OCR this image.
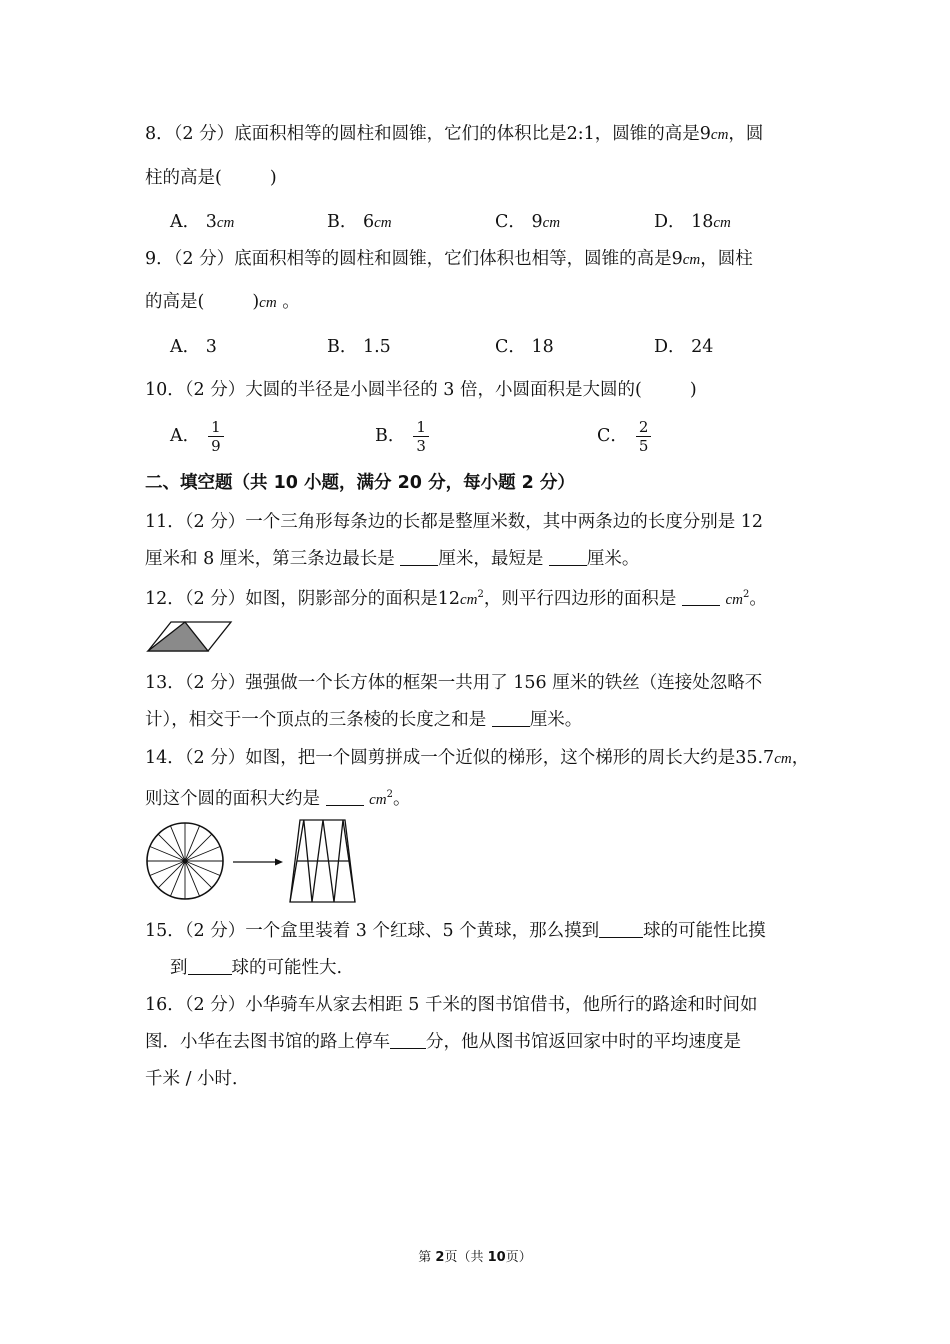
8．（2 分）底面积相等的圆柱和圆锥，它们的体积比是2:1，圆锥的高是9cm，圆
柱的高是(	)
A． 3cm	B． 6cm	C． 9cm	D． 18cm
9．（2 分）底面积相等的圆柱和圆锥，它们体积也相等，圆锥的高是9cm，圆柱
的高是(	)cm 。
A． 3	B． 1.5	C． 18	D． 24
10．（2 分）大圆的半径是小圆半径的 3 倍，小圆面积是大圆的(	)
A． $\frac{1}{9}$	B． $\frac{1}{3}$	C． $\frac{2}{5}$
二、填空题（共 10 小题，满分 20 分，每小题 2 分）
11．（2 分）一个三角形每条边的长都是整厘米数，其中两条边的长度分别是 12
厘米和 8 厘米，第三条边最长是 厘米，最短是 厘米。
12．（2 分）如图，阴影部分的面积是$12cm^2$，则平行四边形的面积是	$cm^2$。
13．（2 分）强强做一个长方体的框架一共用了 156 厘米的铁丝（连接处忽略不
计），相交于一个顶点的三条棱的长度之和是 厘米。
14．（2 分）如图，把一个圆剪拼成一个近似的梯形，这个梯形的周长大约是35.7cm，
则这个圆的面积大约是	$cm^2$。
15．（2 分）一个盒里装着 3 个红球、5 个黄球，那么摸到	球的可能性比摸
到	球的可能性大.
16．（2 分）小华骑车从家去相距 5 千米的图书馆借书，他所行的路途和时间如
图．小华在去图书馆的路上停车 分，他从图书馆返回家中时的平均速度是
千米 / 小时．
第 2页（共 10页）
